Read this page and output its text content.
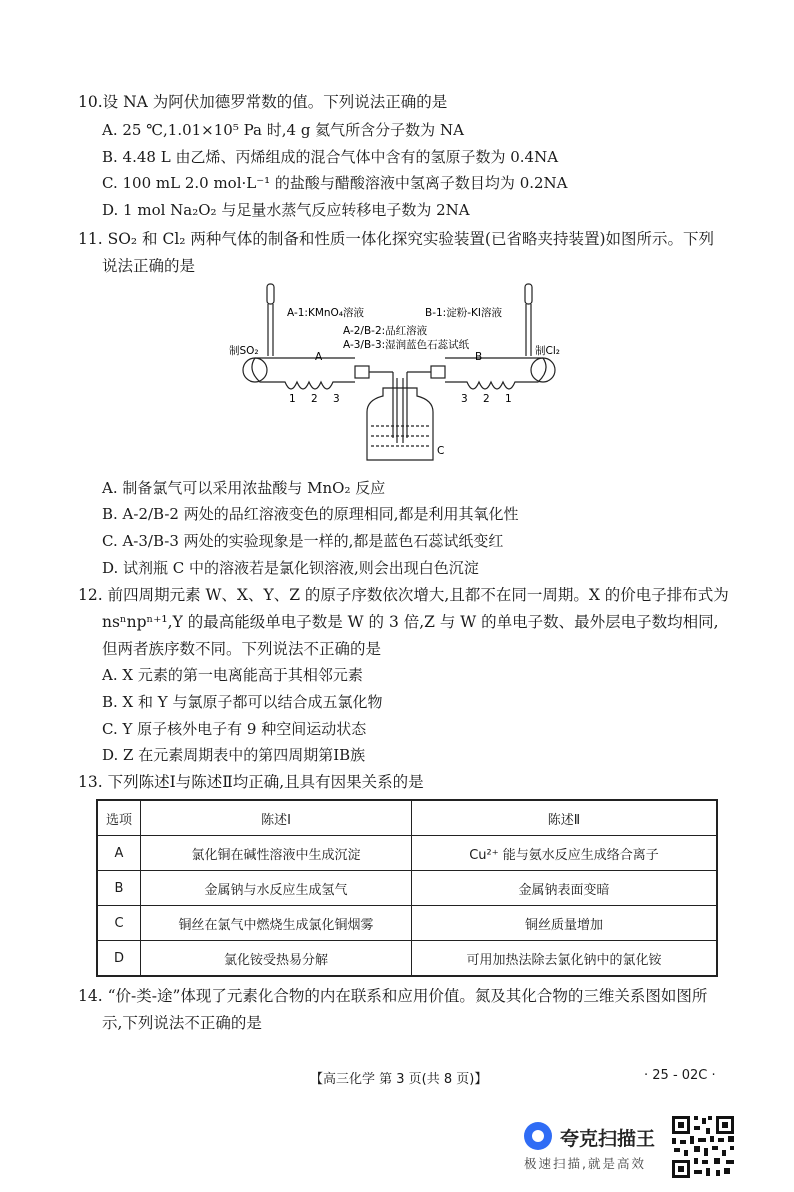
10.设 NA 为阿伏加德罗常数的值。下列说法正确的是
A. 25 ℃,1.01×10⁵ Pa 时,4 g 氦气所含分子数为 NA
B. 4.48 L 由乙烯、丙烯组成的混合气体中含有的氢原子数为 0.4NA
C. 100 mL 2.0 mol·L⁻¹ 的盐酸与醋酸溶液中氢离子数目均为 0.2NA
D. 1 mol Na₂O₂ 与足量水蒸气反应转移电子数为 2NA
11. SO₂ 和 Cl₂ 两种气体的制备和性质一体化探究实验装置(已省略夹持装置)如图所示。下列
说法正确的是
A-1:KMnO₄溶液	B-1:淀粉-KI溶液
A-2/B-2:品红溶液
A-3/B-3:湿润蓝色石蕊试纸
制SO₂	制Cl₂
A	B
1 2 3	3 2 1
C
A. 制备氯气可以采用浓盐酸与 MnO₂ 反应
B. A-2/B-2 两处的品红溶液变色的原理相同,都是利用其氧化性
C. A-3/B-3 两处的实验现象是一样的,都是蓝色石蕊试纸变红
D. 试剂瓶 C 中的溶液若是氯化钡溶液,则会出现白色沉淀
12. 前四周期元素 W、X、Y、Z 的原子序数依次增大,且都不在同一周期。X 的价电子排布式为
nsⁿnpⁿ⁺¹,Y 的最高能级单电子数是 W 的 3 倍,Z 与 W 的单电子数、最外层电子数均相同,
但两者族序数不同。下列说法不正确的是
A. X 元素的第一电离能高于其相邻元素
B. X 和 Y 与氯原子都可以结合成五氯化物
C. Y 原子核外电子有 9 种空间运动状态
D. Z 在元素周期表中的第四周期第ⅠB族
13. 下列陈述Ⅰ与陈述Ⅱ均正确,且具有因果关系的是
选项	陈述Ⅰ	陈述Ⅱ
A	氯化铜在碱性溶液中生成沉淀	Cu²⁺ 能与氨水反应生成络合离子
B	金属钠与水反应生成氢气	金属钠表面变暗
C	铜丝在氯气中燃烧生成氯化铜烟雾	铜丝质量增加
D	氯化铵受热易分解	可用加热法除去氯化钠中的氯化铵
14. “价-类-途”体现了元素化合物的内在联系和应用价值。氮及其化合物的三维关系图如图所
示,下列说法不正确的是
【高三化学 第 3 页(共 8 页)】	· 25 - 02C ·
夸克扫描王
极速扫描,就是高效
